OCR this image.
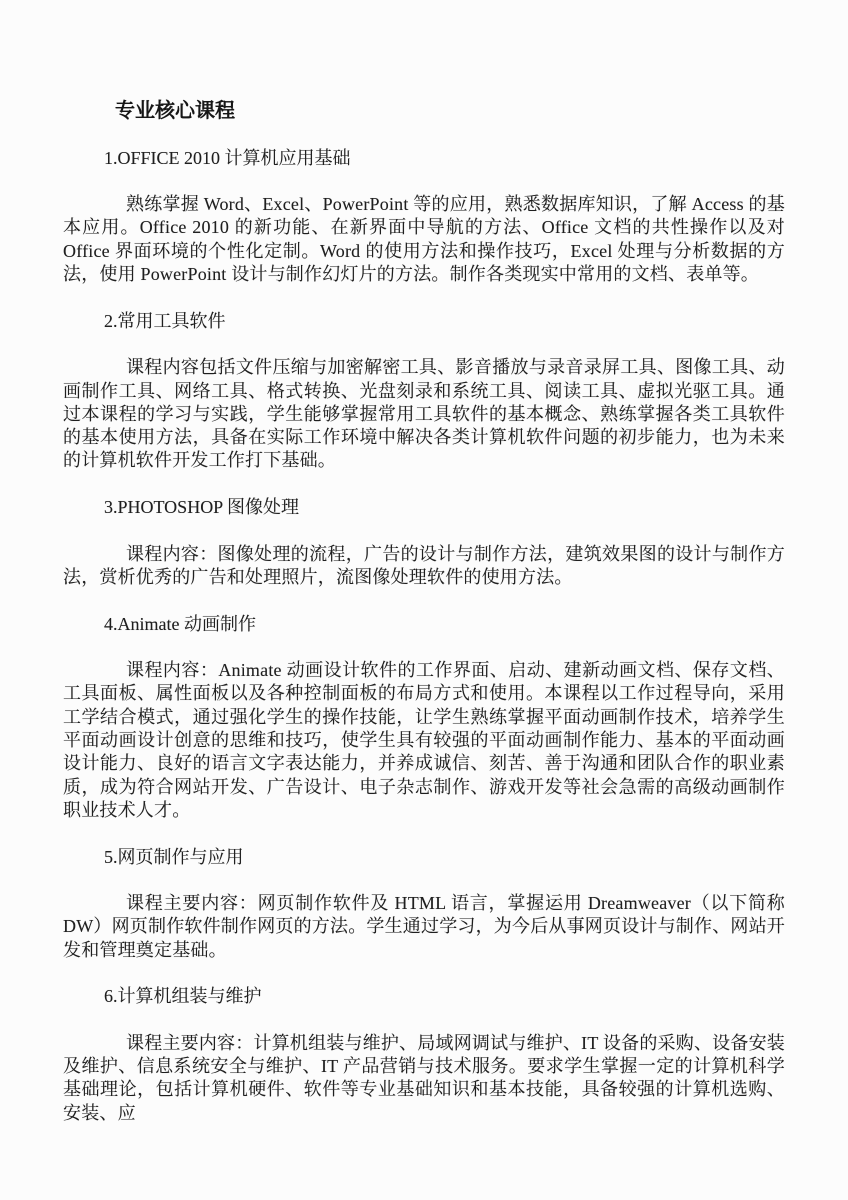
专业核心课程
1.OFFICE 2010 计算机应用基础

熟练掌握 Word、Excel、PowerPoint 等的应用，熟悉数据库知识，了解 Access 的基本应用。Office 2010 的新功能、在新界面中导航的方法、Office 文档的共性操作以及对 Office 界面环境的个性化定制。Word 的使用方法和操作技巧，Excel 处理与分析数据的方法，使用 PowerPoint 设计与制作幻灯片的方法。制作各类现实中常用的文档、表单等。

2.常用工具软件

课程内容包括文件压缩与加密解密工具、影音播放与录音录屏工具、图像工具、动画制作工具、网络工具、格式转换、光盘刻录和系统工具、阅读工具、虚拟光驱工具。通过本课程的学习与实践，学生能够掌握常用工具软件的基本概念、熟练掌握各类工具软件的基本使用方法，具备在实际工作环境中解决各类计算机软件问题的初步能力，也为未来的计算机软件开发工作打下基础。

3.PHOTOSHOP 图像处理

课程内容：图像处理的流程，广告的设计与制作方法，建筑效果图的设计与制作方法，赏析优秀的广告和处理照片，流图像处理软件的使用方法。

4.Animate 动画制作

课程内容：Animate 动画设计软件的工作界面、启动、建新动画文档、保存文档、工具面板、属性面板以及各种控制面板的布局方式和使用。本课程以工作过程导向，采用工学结合模式，通过强化学生的操作技能，让学生熟练掌握平面动画制作技术，培养学生平面动画设计创意的思维和技巧，使学生具有较强的平面动画制作能力、基本的平面动画设计能力、良好的语言文字表达能力，并养成诚信、刻苦、善于沟通和团队合作的职业素质，成为符合网站开发、广告设计、电子杂志制作、游戏开发等社会急需的高级动画制作职业技术人才。

5.网页制作与应用

课程主要内容：网页制作软件及 HTML 语言，掌握运用 Dreamweaver（以下简称 DW）网页制作软件制作网页的方法。学生通过学习，为今后从事网页设计与制作、网站开发和管理奠定基础。

6.计算机组装与维护

课程主要内容：计算机组装与维护、局域网调试与维护、IT 设备的采购、设备安装及维护、信息系统安全与维护、IT 产品营销与技术服务。要求学生掌握一定的计算机科学基础理论，包括计算机硬件、软件等专业基础知识和基本技能，具备较强的计算机选购、安装、应
